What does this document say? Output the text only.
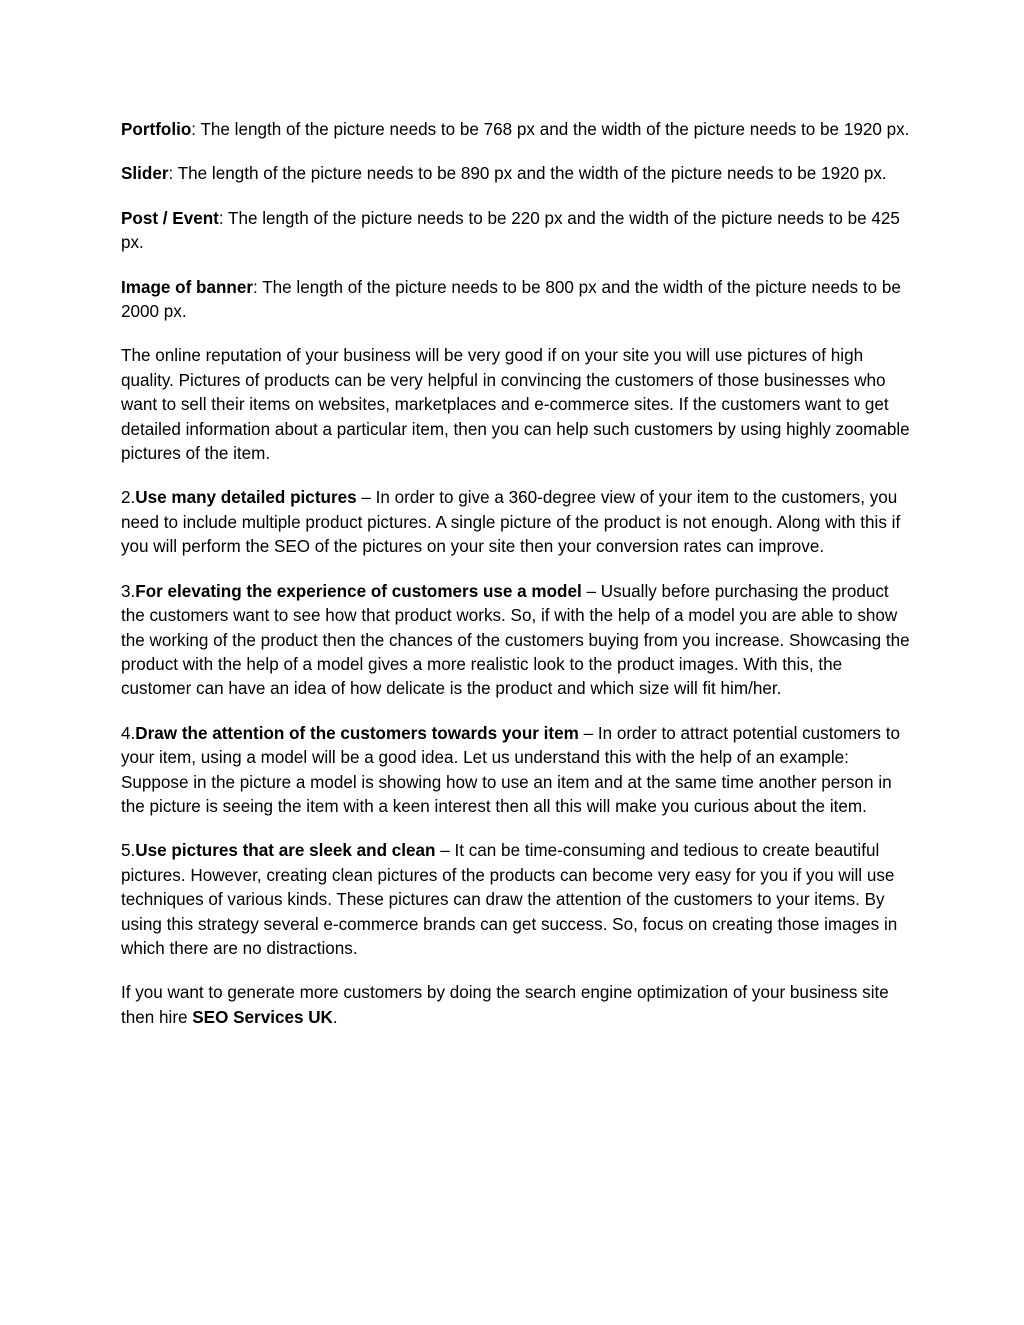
Portfolio: The length of the picture needs to be 768 px and the width of the picture needs to be 1920 px.

Slider: The length of the picture needs to be 890 px and the width of the picture needs to be 1920 px.

Post / Event: The length of the picture needs to be 220 px and the width of the picture needs to be 425 px.

Image of banner: The length of the picture needs to be 800 px and the width of the picture needs to be 2000 px.

The online reputation of your business will be very good if on your site you will use pictures of high quality. Pictures of products can be very helpful in convincing the customers of those businesses who want to sell their items on websites, marketplaces and e-commerce sites. If the customers want to get detailed information about a particular item, then you can help such customers by using highly zoomable pictures of the item.

2.Use many detailed pictures – In order to give a 360-degree view of your item to the customers, you need to include multiple product pictures. A single picture of the product is not enough. Along with this if you will perform the SEO of the pictures on your site then your conversion rates can improve.

3.For elevating the experience of customers use a model – Usually before purchasing the product the customers want to see how that product works. So, if with the help of a model you are able to show the working of the product then the chances of the customers buying from you increase. Showcasing the product with the help of a model gives a more realistic look to the product images. With this, the customer can have an idea of how delicate is the product and which size will fit him/her.

4.Draw the attention of the customers towards your item – In order to attract potential customers to your item, using a model will be a good idea. Let us understand this with the help of an example: Suppose in the picture a model is showing how to use an item and at the same time another person in the picture is seeing the item with a keen interest then all this will make you curious about the item.

5.Use pictures that are sleek and clean – It can be time-consuming and tedious to create beautiful pictures. However, creating clean pictures of the products can become very easy for you if you will use techniques of various kinds. These pictures can draw the attention of the customers to your items. By using this strategy several e-commerce brands can get success. So, focus on creating those images in which there are no distractions.

If you want to generate more customers by doing the search engine optimization of your business site then hire SEO Services UK.
